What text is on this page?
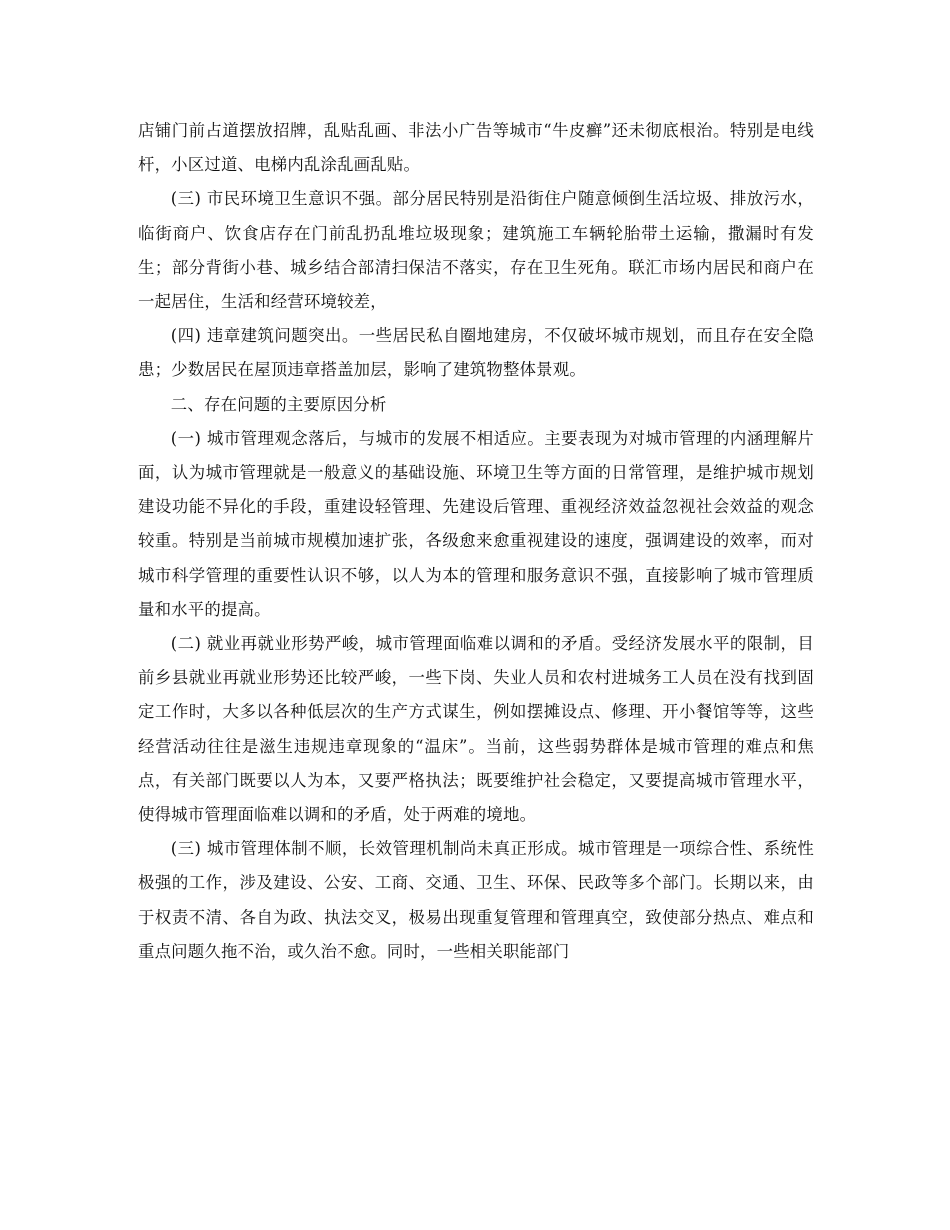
店铺门前占道摆放招牌，乱贴乱画、非法小广告等城市“牛皮癣”还未彻底根治。特别是电线杆，小区过道、电梯内乱涂乱画乱贴。

(三) 市民环境卫生意识不强。部分居民特别是沿街住户随意倾倒生活垃圾、排放污水，临街商户、饮食店存在门前乱扔乱堆垃圾现象；建筑施工车辆轮胎带土运输，撒漏时有发生；部分背街小巷、城乡结合部清扫保洁不落实，存在卫生死角。联汇市场内居民和商户在一起居住，生活和经营环境较差，

(四) 违章建筑问题突出。一些居民私自圈地建房，不仅破坏城市规划，而且存在安全隐患；少数居民在屋顶违章搭盖加层，影响了建筑物整体景观。

二、存在问题的主要原因分析

(一) 城市管理观念落后，与城市的发展不相适应。主要表现为对城市管理的内涵理解片面，认为城市管理就是一般意义的基础设施、环境卫生等方面的日常管理，是维护城市规划建设功能不异化的手段，重建设轻管理、先建设后管理、重视经济效益忽视社会效益的观念较重。特别是当前城市规模加速扩张，各级愈来愈重视建设的速度，强调建设的效率，而对城市科学管理的重要性认识不够，以人为本的管理和服务意识不强，直接影响了城市管理质量和水平的提高。

(二) 就业再就业形势严峻，城市管理面临难以调和的矛盾。受经济发展水平的限制，目前乡县就业再就业形势还比较严峻，一些下岗、失业人员和农村进城务工人员在没有找到固定工作时，大多以各种低层次的生产方式谋生，例如摆摊设点、修理、开小餐馆等等，这些经营活动往往是滋生违规违章现象的“温床”。当前，这些弱势群体是城市管理的难点和焦点，有关部门既要以人为本，又要严格执法；既要维护社会稳定，又要提高城市管理水平，使得城市管理面临难以调和的矛盾，处于两难的境地。

(三) 城市管理体制不顺，长效管理机制尚未真正形成。城市管理是一项综合性、系统性极强的工作，涉及建设、公安、工商、交通、卫生、环保、民政等多个部门。长期以来，由于权责不清、各自为政、执法交叉，极易出现重复管理和管理真空，致使部分热点、难点和重点问题久拖不治，或久治不愈。同时，一些相关职能部门
